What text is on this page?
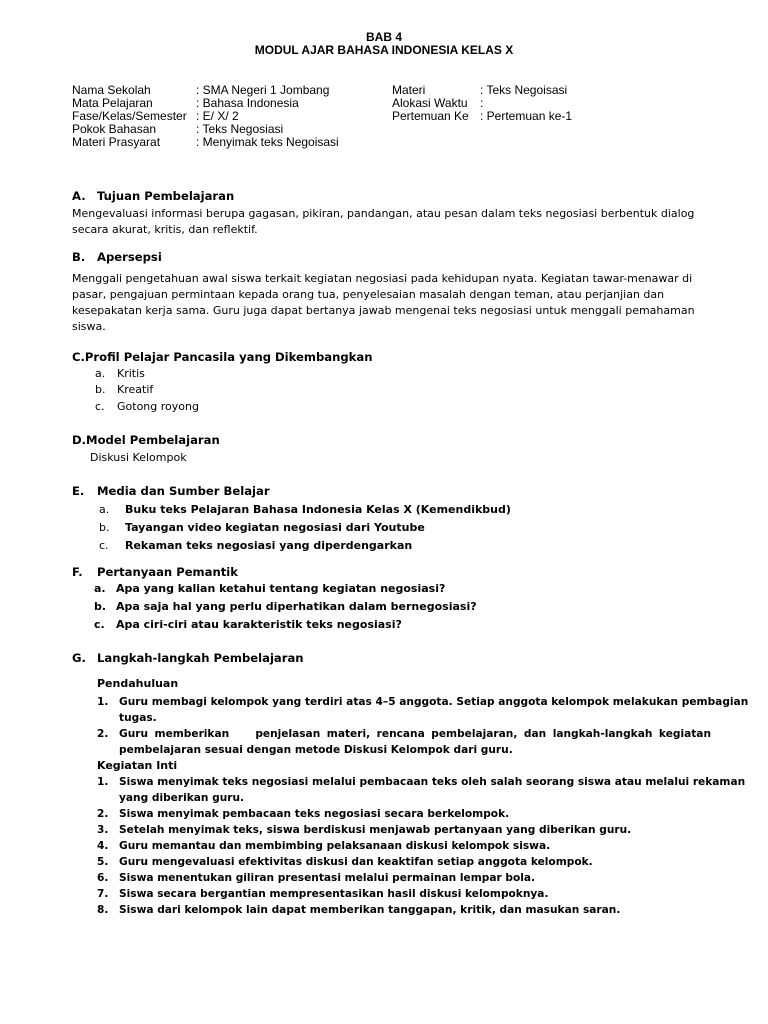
BAB 4
MODUL AJAR BAHASA INDONESIA KELAS X
Nama Sekolah	: SMA Negeri 1 Jombang
Mata Pelajaran	: Bahasa Indonesia
Fase/Kelas/Semester : E/ X/ 2
Pokok Bahasan	: Teks Negosiasi
Materi Prasyarat	: Menyimak teks Negoisasi
Materi	: Teks Negoisasi
Alokasi Waktu :
Pertemuan Ke : Pertemuan ke-1
A. Tujuan Pembelajaran
Mengevaluasi informasi berupa gagasan, pikiran, pandangan, atau pesan dalam teks negosiasi berbentuk dialog
secara akurat, kritis, dan reflektif.
B. Apersepsi
Menggali pengetahuan awal siswa terkait kegiatan negosiasi pada kehidupan nyata. Kegiatan tawar-menawar di
pasar, pengajuan permintaan kepada orang tua, penyelesaian masalah dengan teman, atau perjanjian dan
kesepakatan kerja sama. Guru juga dapat bertanya jawab mengenai teks negosiasi untuk menggali pemahaman
siswa.
C.Profil Pelajar Pancasila yang Dikembangkan
a. Kritis
b. Kreatif
c. Gotong royong
D.Model Pembelajaran
Diskusi Kelompok
E. Media dan Sumber Belajar
a. Buku teks Pelajaran Bahasa Indonesia Kelas X (Kemendikbud)
b. Tayangan video kegiatan negosiasi dari Youtube
c. Rekaman teks negosiasi yang diperdengarkan
F. Pertanyaan Pemantik
a. Apa yang kalian ketahui tentang kegiatan negosiasi?
b. Apa saja hal yang perlu diperhatikan dalam bernegosiasi?
c. Apa ciri-ciri atau karakteristik teks negosiasi?
G. Langkah-langkah Pembelajaran
Pendahuluan
1. Guru membagi kelompok yang terdiri atas 4–5 anggota. Setiap anggota kelompok melakukan pembagian
tugas.
2. Guru memberikan    penjelasan materi, rencana pembelajaran, dan langkah-langkah kegiatan
pembelajaran sesuai dengan metode Diskusi Kelompok dari guru.
Kegiatan Inti
1. Siswa menyimak teks negosiasi melalui pembacaan teks oleh salah seorang siswa atau melalui rekaman
yang diberikan guru.
2. Siswa menyimak pembacaan teks negosiasi secara berkelompok.
3. Setelah menyimak teks, siswa berdiskusi menjawab pertanyaan yang diberikan guru.
4. Guru memantau dan membimbing pelaksanaan diskusi kelompok siswa.
5. Guru mengevaluasi efektivitas diskusi dan keaktifan setiap anggota kelompok.
6. Siswa menentukan giliran presentasi melalui permainan lempar bola.
7. Siswa secara bergantian mempresentasikan hasil diskusi kelompoknya.
8. Siswa dari kelompok lain dapat memberikan tanggapan, kritik, dan masukan saran.
